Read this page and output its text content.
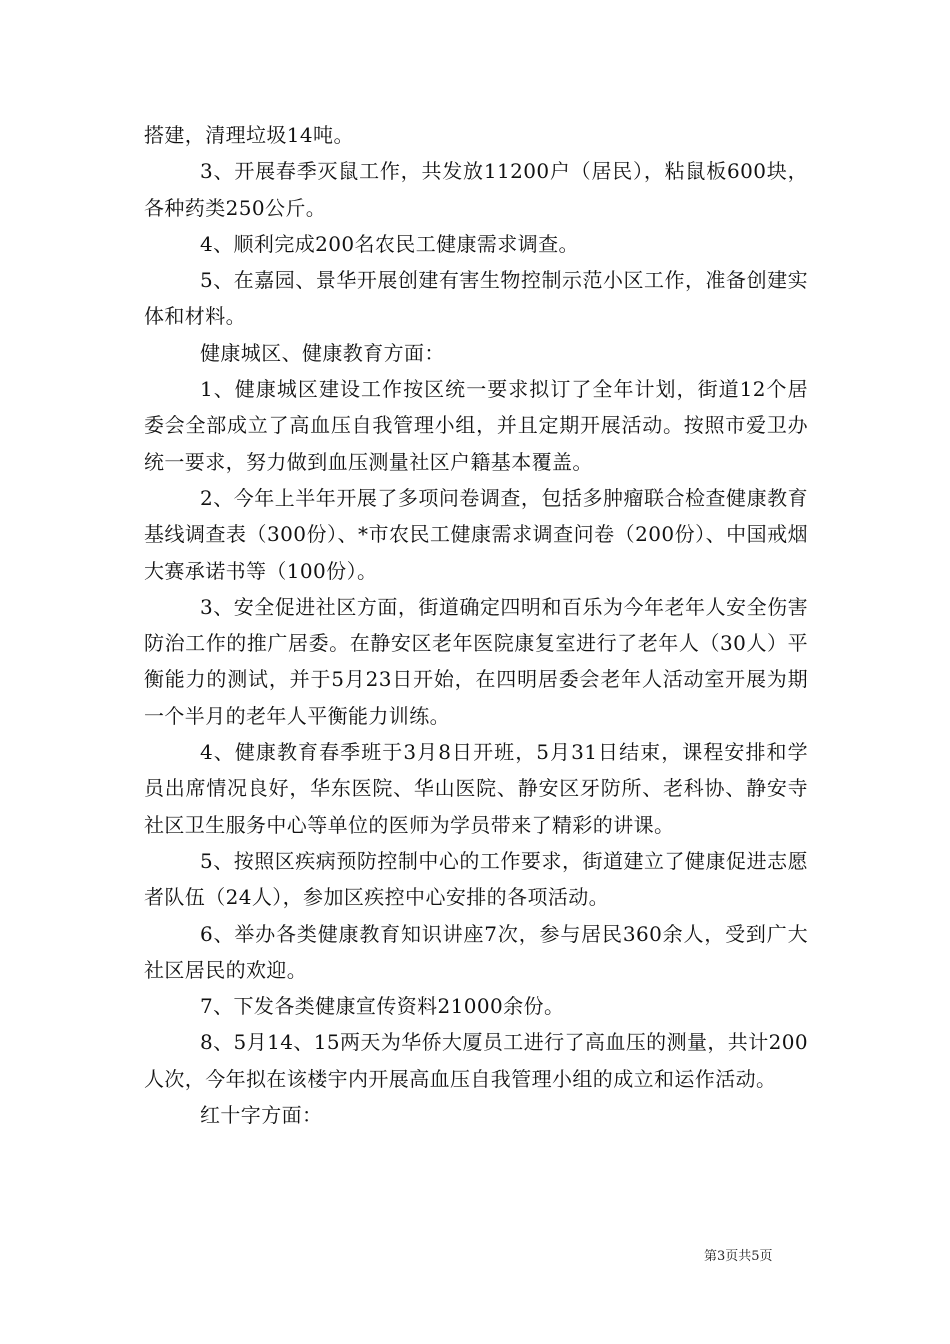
搭建，清理垃圾14吨。

3、开展春季灭鼠工作，共发放11200户（居民），粘鼠板600块，各种药类250公斤。

4、顺利完成200名农民工健康需求调查。

5、在嘉园、景华开展创建有害生物控制示范小区工作，准备创建实体和材料。

健康城区、健康教育方面：

1、健康城区建设工作按区统一要求拟订了全年计划，街道12个居委会全部成立了高血压自我管理小组，并且定期开展活动。按照市爱卫办统一要求，努力做到血压测量社区户籍基本覆盖。

2、今年上半年开展了多项问卷调查，包括多肿瘤联合检查健康教育基线调查表（300份）、*市农民工健康需求调查问卷（200份）、中国戒烟大赛承诺书等（100份）。

3、安全促进社区方面，街道确定四明和百乐为今年老年人安全伤害防治工作的推广居委。在静安区老年医院康复室进行了老年人（30人）平衡能力的测试，并于5月23日开始，在四明居委会老年人活动室开展为期一个半月的老年人平衡能力训练。

4、健康教育春季班于3月8日开班，5月31日结束，课程安排和学员出席情况良好，华东医院、华山医院、静安区牙防所、老科协、静安寺社区卫生服务中心等单位的医师为学员带来了精彩的讲课。

5、按照区疾病预防控制中心的工作要求，街道建立了健康促进志愿者队伍（24人），参加区疾控中心安排的各项活动。

6、举办各类健康教育知识讲座7次，参与居民360余人，受到广大社区居民的欢迎。

7、下发各类健康宣传资料21000余份。

8、5月14、15两天为华侨大厦员工进行了高血压的测量，共计200人次，今年拟在该楼宇内开展高血压自我管理小组的成立和运作活动。

红十字方面：

第3页共5页
